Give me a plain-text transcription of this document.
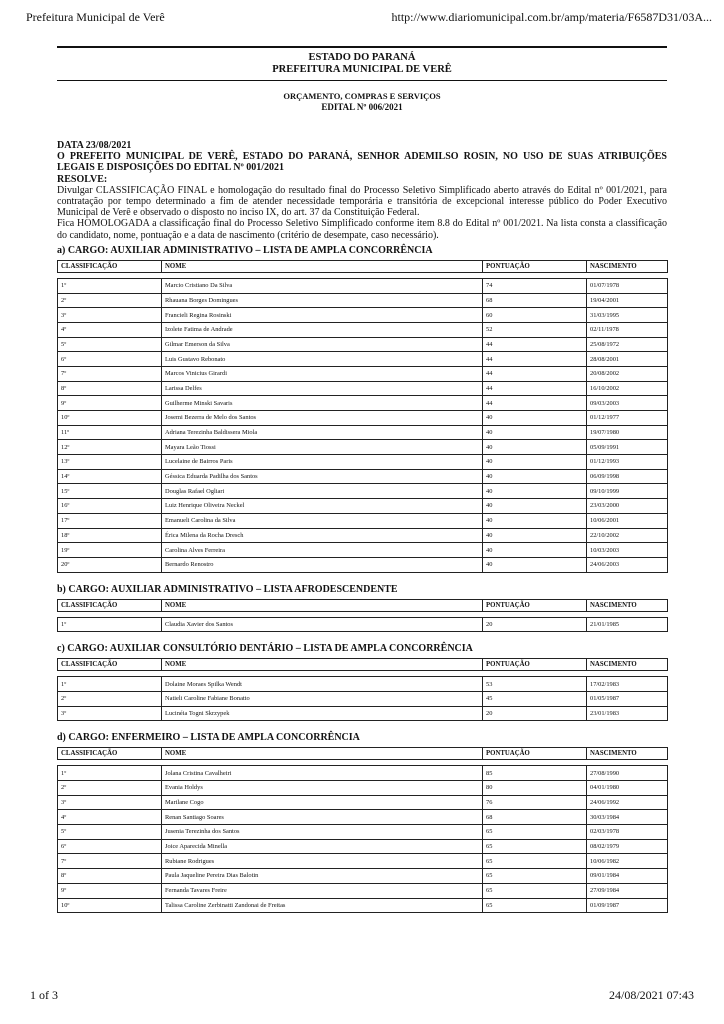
Prefeitura Municipal de Verê	http://www.diariomunicipal.com.br/amp/materia/F6587D31/03A...
ESTADO DO PARANÁ
PREFEITURA MUNICIPAL DE VERÊ
ORÇAMENTO, COMPRAS E SERVIÇOS
EDITAL Nº 006/2021
DATA 23/08/2021
O PREFEITO MUNICIPAL DE VERÊ, ESTADO DO PARANÁ, SENHOR ADEMILSO ROSIN, NO USO DE SUAS ATRIBUIÇÕES LEGAIS E DISPOSIÇÕES DO EDITAL Nº 001/2021
RESOLVE:
Divulgar CLASSIFICAÇÃO FINAL e homologação do resultado final do Processo Seletivo Simplificado aberto através do Edital nº 001/2021, para contratação por tempo determinado a fim de atender necessidade temporária e transitória de excepcional interesse público do Poder Executivo Municipal de Verê e observado o disposto no inciso IX, do art. 37 da Constituição Federal.
Fica HOMOLOGADA a classificação final do Processo Seletivo Simplificado conforme item 8.8 do Edital nº 001/2021. Na lista consta a classificação do candidato, nome, pontuação e a data de nascimento (critério de desempate, caso necessário).
a) CARGO: AUXILIAR ADMINISTRATIVO – LISTA DE AMPLA CONCORRÊNCIA
CLASSIFICAÇÃO	NOME	PONTUAÇÃO	NASCIMENTO

1º	Marcio Cristiano Da Silva	74	01/07/1978
2º	Rhauana Borges Domingues	68	19/04/2001
3º	Francieli Regina Rosinski	60	31/03/1995
4º	Izolete Fatima de Andrade	52	02/11/1978
5º	Gilmar Emerson da Silva	44	25/08/1972
6º	Luis Gustavo Rebonato	44	28/08/2001
7º	Marcos Vinicius Girardi	44	20/08/2002
8º	Larissa Delfes	44	16/10/2002
9º	Guilherme Minski Savaris	44	09/03/2003
10º	Josemi Bezerra de Melo dos Santos	40	01/12/1977
11º	Adriana Terezinha Baldissera Miola	40	19/07/1980
12º	Mayara Leão Tiossi	40	05/09/1991
13º	Lucelaine de Bairros Paris	40	01/12/1993
14º	Géssica Eduarda Padilha dos Santos	40	06/09/1998
15º	Douglas Rafael Ogliari	40	09/10/1999
16º	Luiz Henrique Oliveira Neckel	40	23/03/2000
17º	Emanueli Carolina da Silva	40	10/06/2001
18º	Érica Milena da Rocha Dresch	40	22/10/2002
19º	Carolina Alves Ferreira	40	10/03/2003
20º	Bernardo Renostro	40	24/06/2003
b) CARGO: AUXILIAR ADMINISTRATIVO – LISTA AFRODESCENDENTE
CLASSIFICAÇÃO	NOME	PONTUAÇÃO	NASCIMENTO

1º	Claudia Xavier dos Santos	20	21/01/1985
c) CARGO: AUXILIAR CONSULTÓRIO DENTÁRIO – LISTA DE AMPLA CONCORRÊNCIA
CLASSIFICAÇÃO	NOME	PONTUAÇÃO	NASCIMENTO

1º	Dolaine Moraes Spilka Wendt	53	17/02/1983
2º	Natieli Caroline Fabiane Bonatto	45	01/05/1987
3º	Lucinéia Togni Skrzypek	20	23/01/1983
d) CARGO: ENFERMEIRO – LISTA DE AMPLA CONCORRÊNCIA
CLASSIFICAÇÃO	NOME	PONTUAÇÃO	NASCIMENTO

1º	Jolana Cristina Cavalheiri	85	27/08/1990
2º	Evania Holdys	80	04/01/1980
3º	Marilane Cogo	76	24/06/1992
4º	Renan Santiago Soares	68	30/03/1984
5º	Jusenia Terezinha dos Santos	65	02/03/1978
6º	Joice Aparecida Minella	65	08/02/1979
7º	Rubiane Rodrigues	65	10/06/1982
8º	Paula Jaqueline Pereira Dias Balotin	65	09/01/1984
9º	Fernanda Tavares Freire	65	27/09/1984
10º	Talissa Caroline Zerbinatti Zandonai de Freitas	65	01/09/1987
1 of 3	24/08/2021 07:43
